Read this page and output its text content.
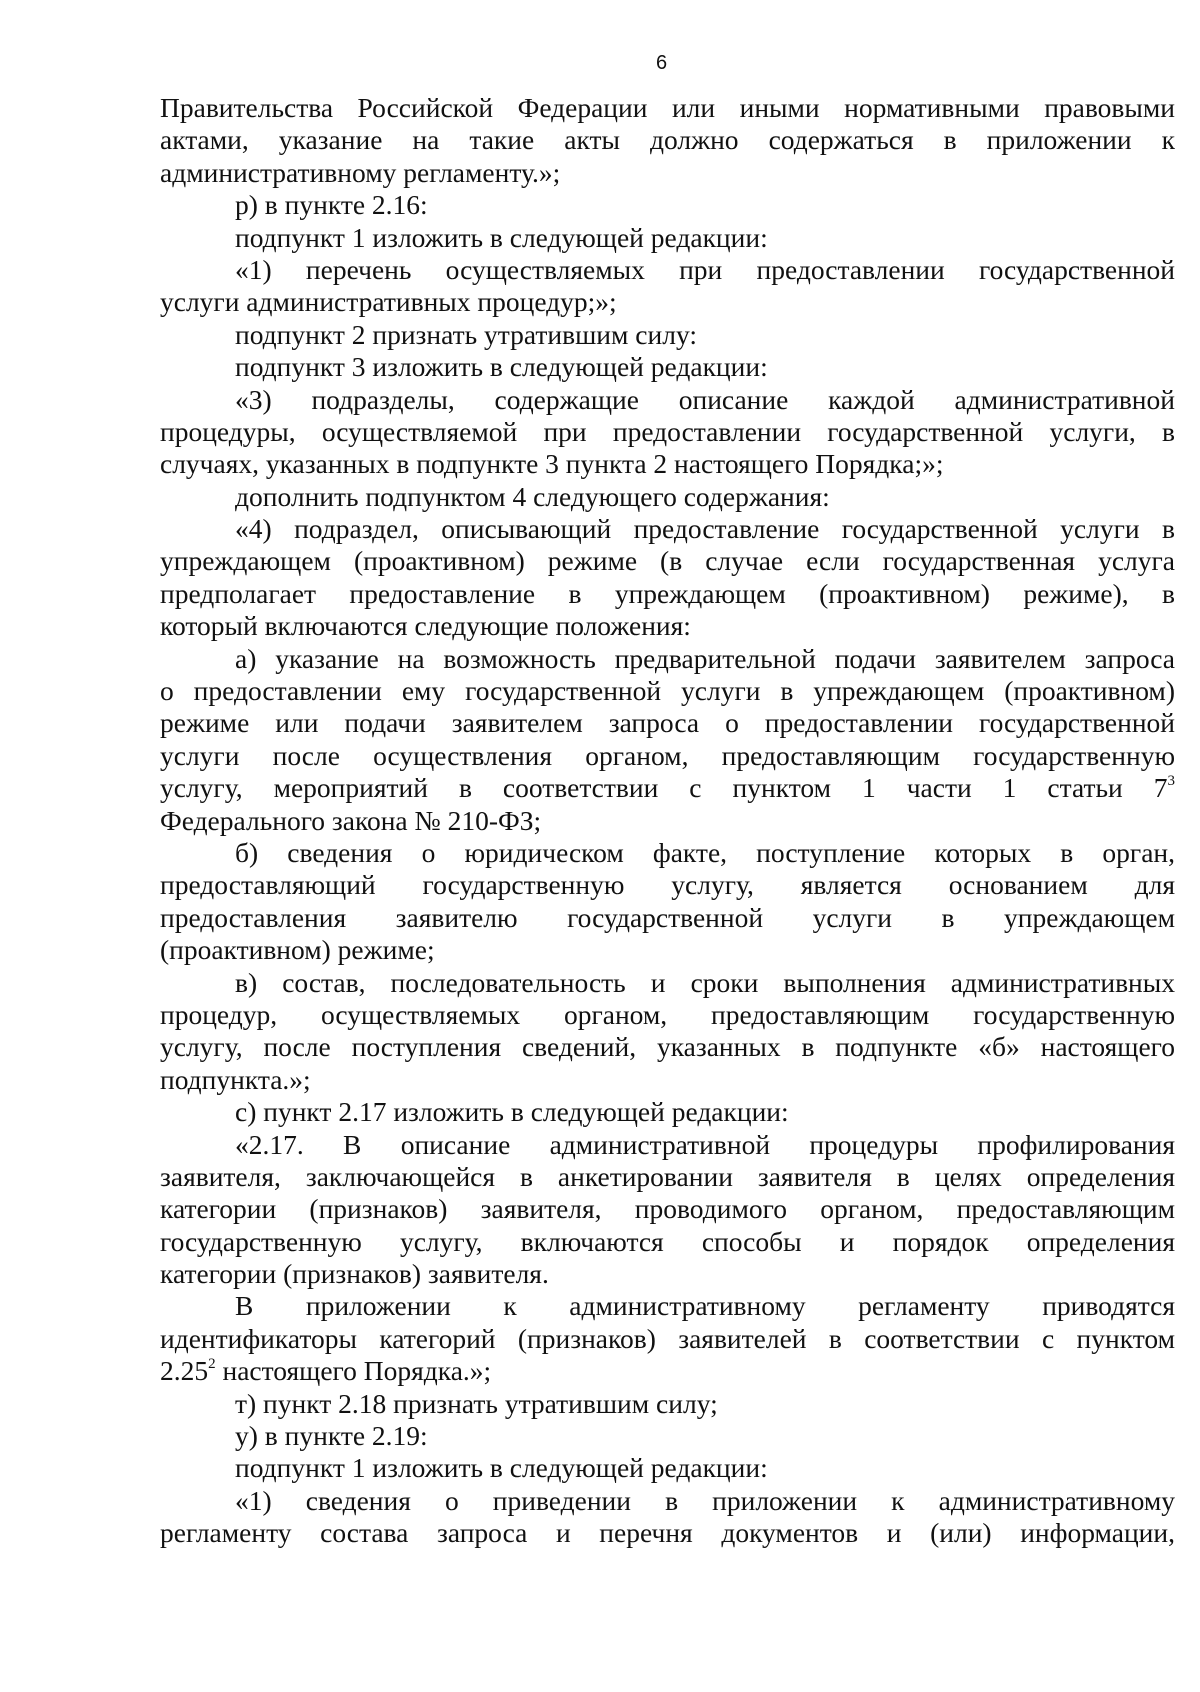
6
Правительства Российской Федерации или иными нормативными правовыми
актами, указание на такие акты должно содержаться в приложении к
административному регламенту.»;
р) в пункте 2.16:
подпункт 1 изложить в следующей редакции:
«1) перечень осуществляемых при предоставлении государственной
услуги административных процедур;»;
подпункт 2 признать утратившим силу:
подпункт 3 изложить в следующей редакции:
«3) подразделы, содержащие описание каждой административной
процедуры, осуществляемой при предоставлении государственной услуги, в
случаях, указанных в подпункте 3 пункта 2 настоящего Порядка;»;
дополнить подпунктом 4 следующего содержания:
«4) подраздел, описывающий предоставление государственной услуги в
упреждающем (проактивном) режиме (в случае если государственная услуга
предполагает предоставление в упреждающем (проактивном) режиме), в
который включаются следующие положения:
а) указание на возможность предварительной подачи заявителем запроса
о предоставлении ему государственной услуги в упреждающем (проактивном)
режиме или подачи заявителем запроса о предоставлении государственной
услуги после осуществления органом, предоставляющим государственную
услугу, мероприятий в соответствии с пунктом 1 части 1 статьи $7^3$
Федерального закона № 210-ФЗ;
б) сведения о юридическом факте, поступление которых в орган,
предоставляющий государственную услугу, является основанием для
предоставления заявителю государственной услуги в упреждающем
(проактивном) режиме;
в) состав, последовательность и сроки выполнения административных
процедур, осуществляемых органом, предоставляющим государственную
услугу, после поступления сведений, указанных в подпункте «б» настоящего
подпункта.»;
с) пункт 2.17 изложить в следующей редакции:
«2.17. В описание административной процедуры профилирования
заявителя, заключающейся в анкетировании заявителя в целях определения
категории (признаков) заявителя, проводимого органом, предоставляющим
государственную услугу, включаются способы и порядок определения
категории (признаков) заявителя.
В приложении к административному регламенту приводятся
идентификаторы категорий (признаков) заявителей в соответствии с пунктом
2.25$^2$ настоящего Порядка.»;
т) пункт 2.18 признать утратившим силу;
у) в пункте 2.19:
подпункт 1 изложить в следующей редакции:
«1) сведения о приведении в приложении к административному
регламенту состава запроса и перечня документов и (или) информации,
